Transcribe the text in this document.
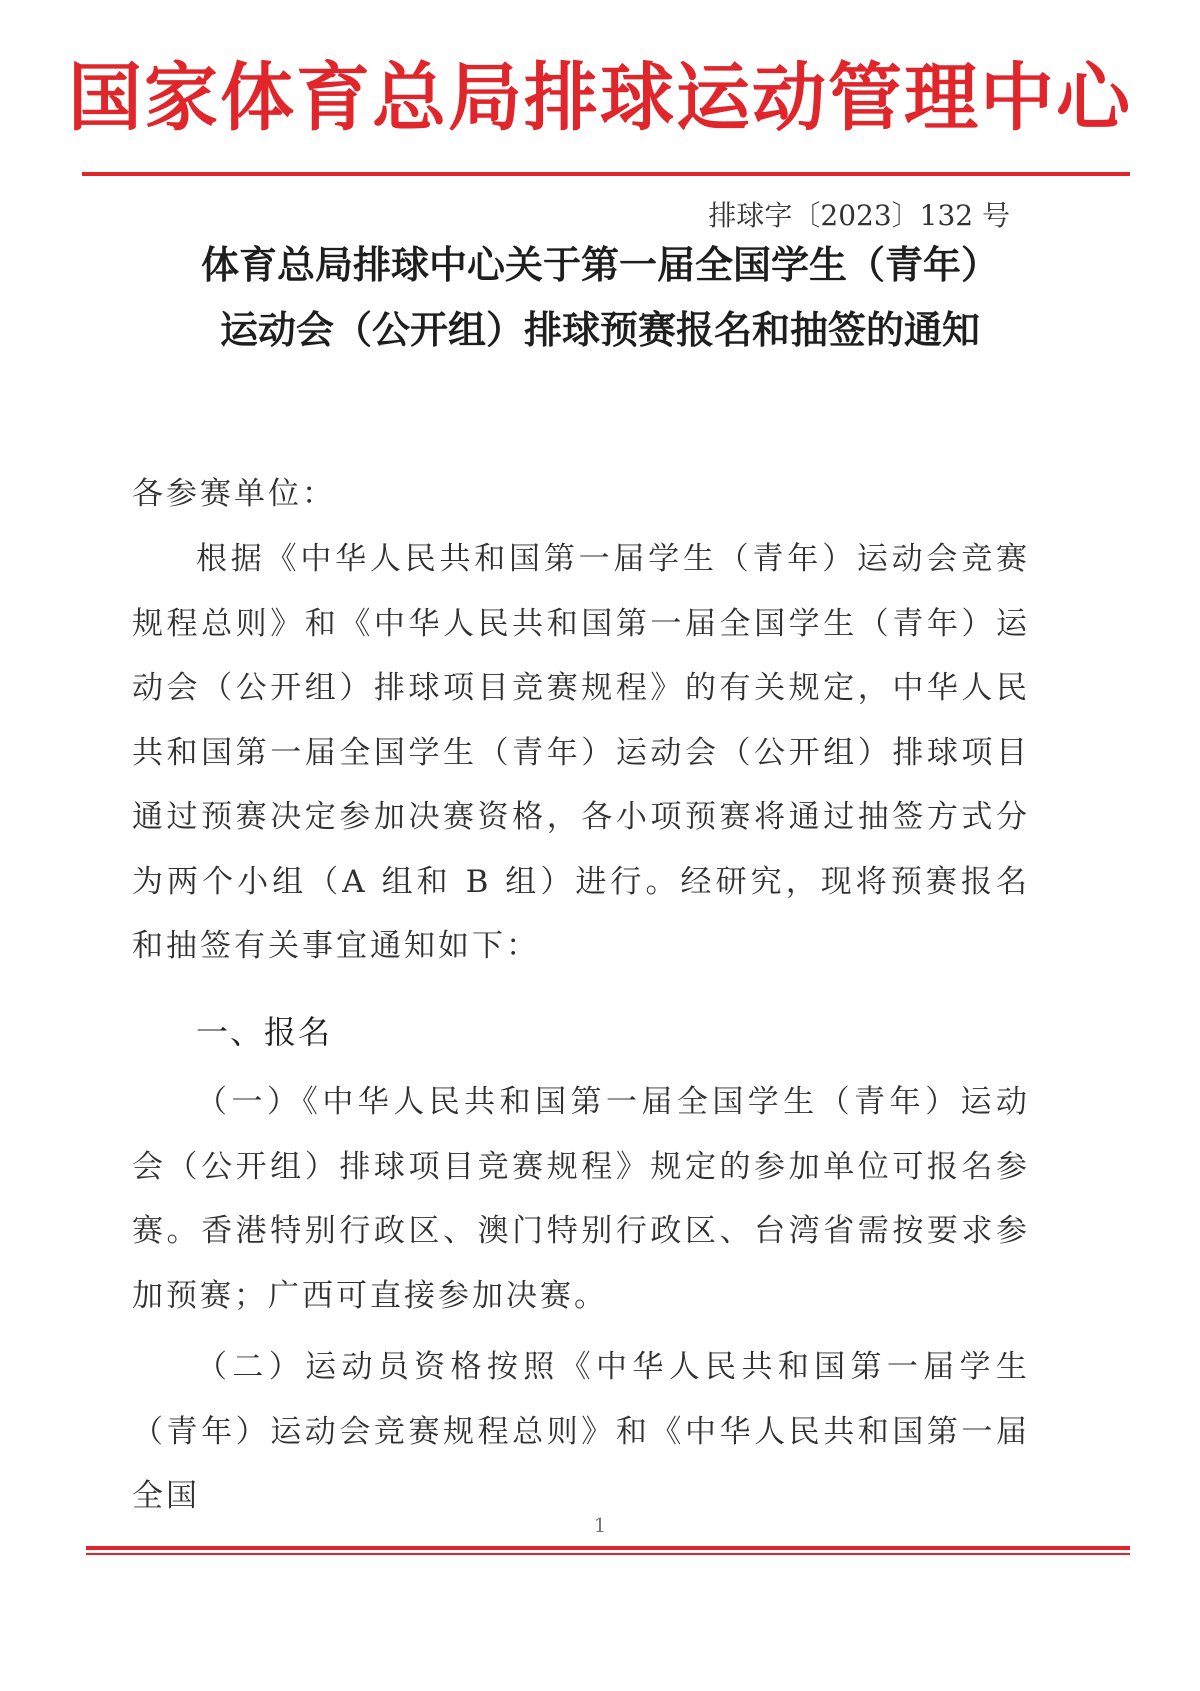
国家体育总局排球运动管理中心
排球字〔2023〕132 号
体育总局排球中心关于第一届全国学生（青年）
运动会（公开组）排球预赛报名和抽签的通知
各参赛单位：

根据《中华人民共和国第一届学生（青年）运动会竞赛规程总则》和《中华人民共和国第一届全国学生（青年）运动会（公开组）排球项目竞赛规程》的有关规定，中华人民共和国第一届全国学生（青年）运动会（公开组）排球项目通过预赛决定参加决赛资格，各小项预赛将通过抽签方式分为两个小组（A 组和 B 组）进行。经研究，现将预赛报名和抽签有关事宜通知如下：

一、报名

（一）《中华人民共和国第一届全国学生（青年）运动会（公开组）排球项目竞赛规程》规定的参加单位可报名参赛。香港特别行政区、澳门特别行政区、台湾省需按要求参加预赛；广西可直接参加决赛。

（二）运动员资格按照《中华人民共和国第一届学生（青年）运动会竞赛规程总则》和《中华人民共和国第一届全国

1
